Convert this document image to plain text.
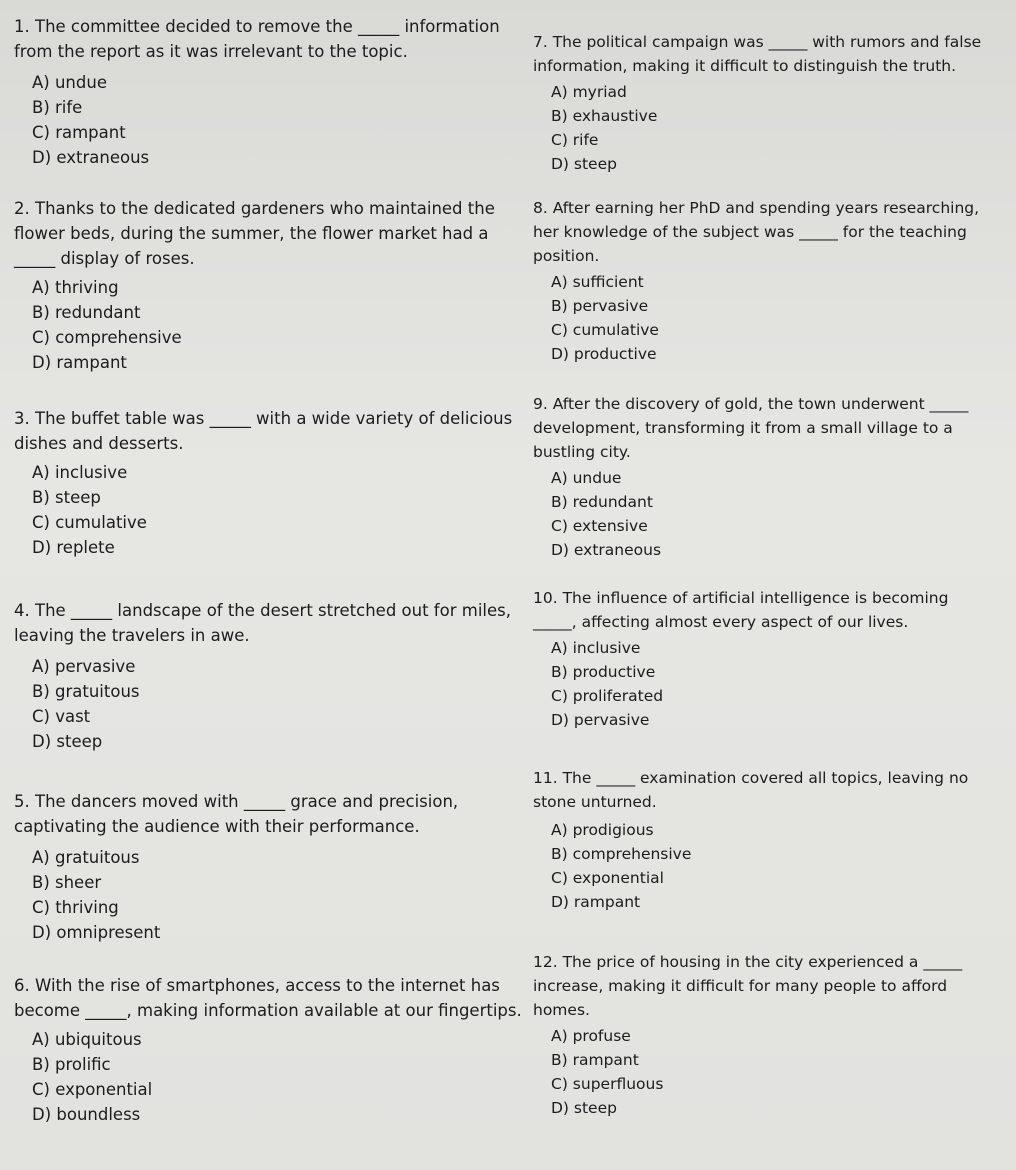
1. The committee decided to remove the _____ information
from the report as it was irrelevant to the topic.

A) undue
B) rife
C) rampant
D) extraneous

2. Thanks to the dedicated gardeners who maintained the
flower beds, during the summer, the flower market had a
_____ display of roses.

A) thriving
B) redundant
C) comprehensive
D) rampant

3. The buffet table was _____ with a wide variety of delicious
dishes and desserts.

A) inclusive
B) steep
C) cumulative
D) replete

4. The _____ landscape of the desert stretched out for miles,
leaving the travelers in awe.

A) pervasive
B) gratuitous
C) vast
D) steep

5. The dancers moved with _____ grace and precision,
captivating the audience with their performance.

A) gratuitous
B) sheer
C) thriving
D) omnipresent

6. With the rise of smartphones, access to the internet has
become _____, making information available at our fingertips.

A) ubiquitous
B) prolific
C) exponential
D) boundless

7. The political campaign was _____ with rumors and false
information, making it difficult to distinguish the truth.

A) myriad
B) exhaustive
C) rife
D) steep

8. After earning her PhD and spending years researching,
her knowledge of the subject was _____ for the teaching
position.

A) sufficient
B) pervasive
C) cumulative
D) productive

9. After the discovery of gold, the town underwent _____
development, transforming it from a small village to a
bustling city.

A) undue
B) redundant
C) extensive
D) extraneous

10. The influence of artificial intelligence is becoming
_____, affecting almost every aspect of our lives.

A) inclusive
B) productive
C) proliferated
D) pervasive

11. The _____ examination covered all topics, leaving no
stone unturned.

A) prodigious
B) comprehensive
C) exponential
D) rampant

12. The price of housing in the city experienced a _____
increase, making it difficult for many people to afford
homes.

A) profuse
B) rampant
C) superfluous
D) steep
